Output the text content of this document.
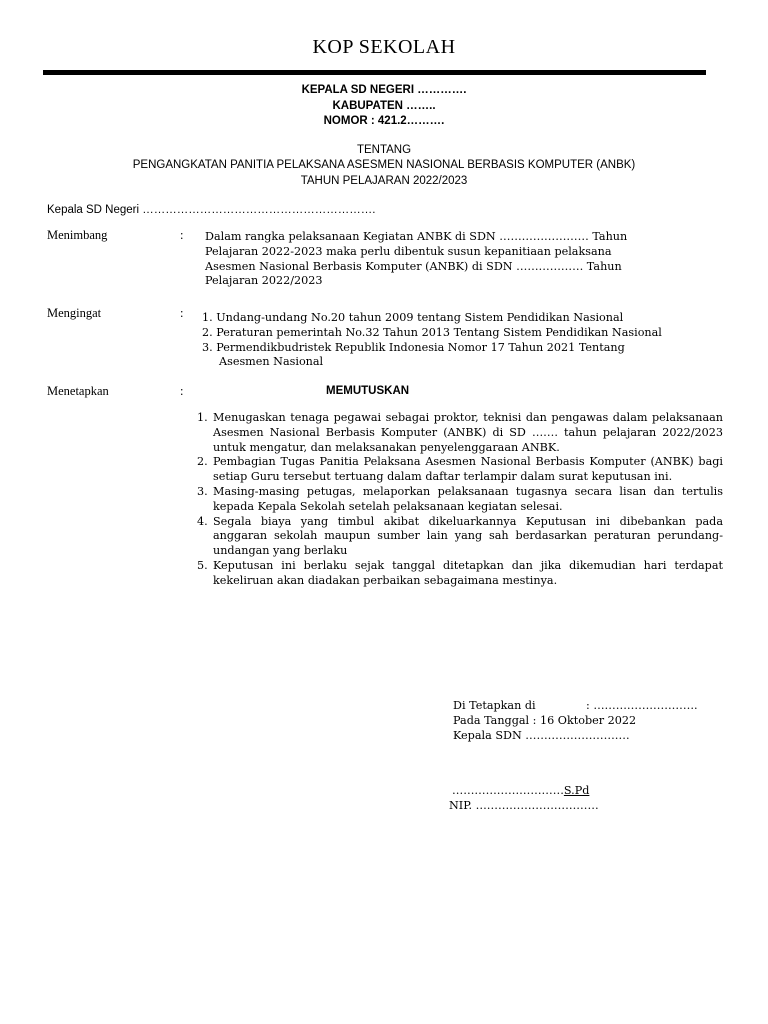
KOP SEKOLAH
KEPALA SD NEGERI ………….
KABUPATEN ……..
NOMOR : 421.2……….
TENTANG
PENGANGKATAN PANITIA PELAKSANA ASESMEN NASIONAL BERBASIS KOMPUTER (ANBK)
TAHUN PELAJARAN 2022/2023
Kepala SD Negeri …………………………………………………….
Menimbang	: Dalam rangka pelaksanaan Kegiatan ANBK di SDN …………………… Tahun
Pelajaran 2022-2023 maka perlu dibentuk susun kepanitiaan pelaksana
Asesmen Nasional Berbasis Komputer (ANBK) di SDN ……………… Tahun
Pelajaran 2022/2023
Mengingat	: 1. Undang-undang No.20 tahun 2009 tentang Sistem Pendidikan Nasional
2. Peraturan pemerintah No.32 Tahun 2013 Tentang Sistem Pendidikan Nasional
3. Permendikbudristek Republik Indonesia Nomor 17 Tahun 2021 Tentang
Asesmen Nasional
Menetapkan	:	MEMUTUSKAN
1. Menugaskan tenaga pegawai sebagai proktor, teknisi dan pengawas dalam pelaksanaan Asesmen Nasional Berbasis Komputer (ANBK) di SD ……. tahun pelajaran 2022/2023 untuk mengatur, dan melaksanakan penyelenggaraan ANBK.
2. Pembagian Tugas Panitia Pelaksana Asesmen Nasional Berbasis Komputer (ANBK) bagi setiap Guru tersebut tertuang dalam daftar terlampir dalam surat keputusan ini.
3. Masing-masing petugas, melaporkan pelaksanaan tugasnya secara lisan dan tertulis kepada Kepala Sekolah setelah pelaksanaan kegiatan selesai.
4. Segala biaya yang timbul akibat dikeluarkannya Keputusan ini dibebankan pada anggaran sekolah maupun sumber lain yang sah berdasarkan peraturan perundang-undangan yang berlaku
5. Keputusan ini berlaku sejak tanggal ditetapkan dan jika dikemudian hari terdapat kekeliruan akan diadakan perbaikan sebagaimana mestinya.
Di Tetapkan di	: ……………………….
Pada Tanggal : 16 Oktober 2022
Kepala SDN ……………………….
…………………………S.Pd
NIP. ……………………………
